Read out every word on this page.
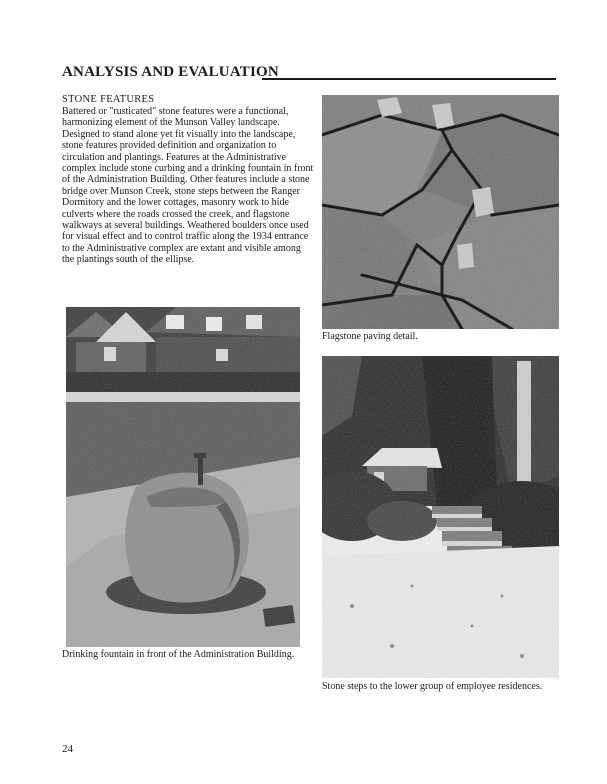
ANALYSIS AND EVALUATION
STONE FEATURES
Battered or "rusticated" stone features were a functional, harmonizing element of the Munson Valley landscape. Designed to stand alone yet fit visually into the landscape, stone features provided definition and organization to circulation and plantings. Features at the Administrative complex include stone curbing and a drinking fountain in front of the Administration Building. Other features include a stone bridge over Munson Creek, stone steps between the Ranger Dormitory and the lower cottages, masonry work to hide culverts where the roads crossed the creek, and flagstone walkways at several buildings. Weathered boulders once used for visual effect and to control traffic along the 1934 entrance to the Administrative complex are extant and visible among the plantings south of the ellipse.
Flagstone paving detail.
Drinking fountain in front of the Administration Building.
Stone steps to the lower group of employee residences.
24
